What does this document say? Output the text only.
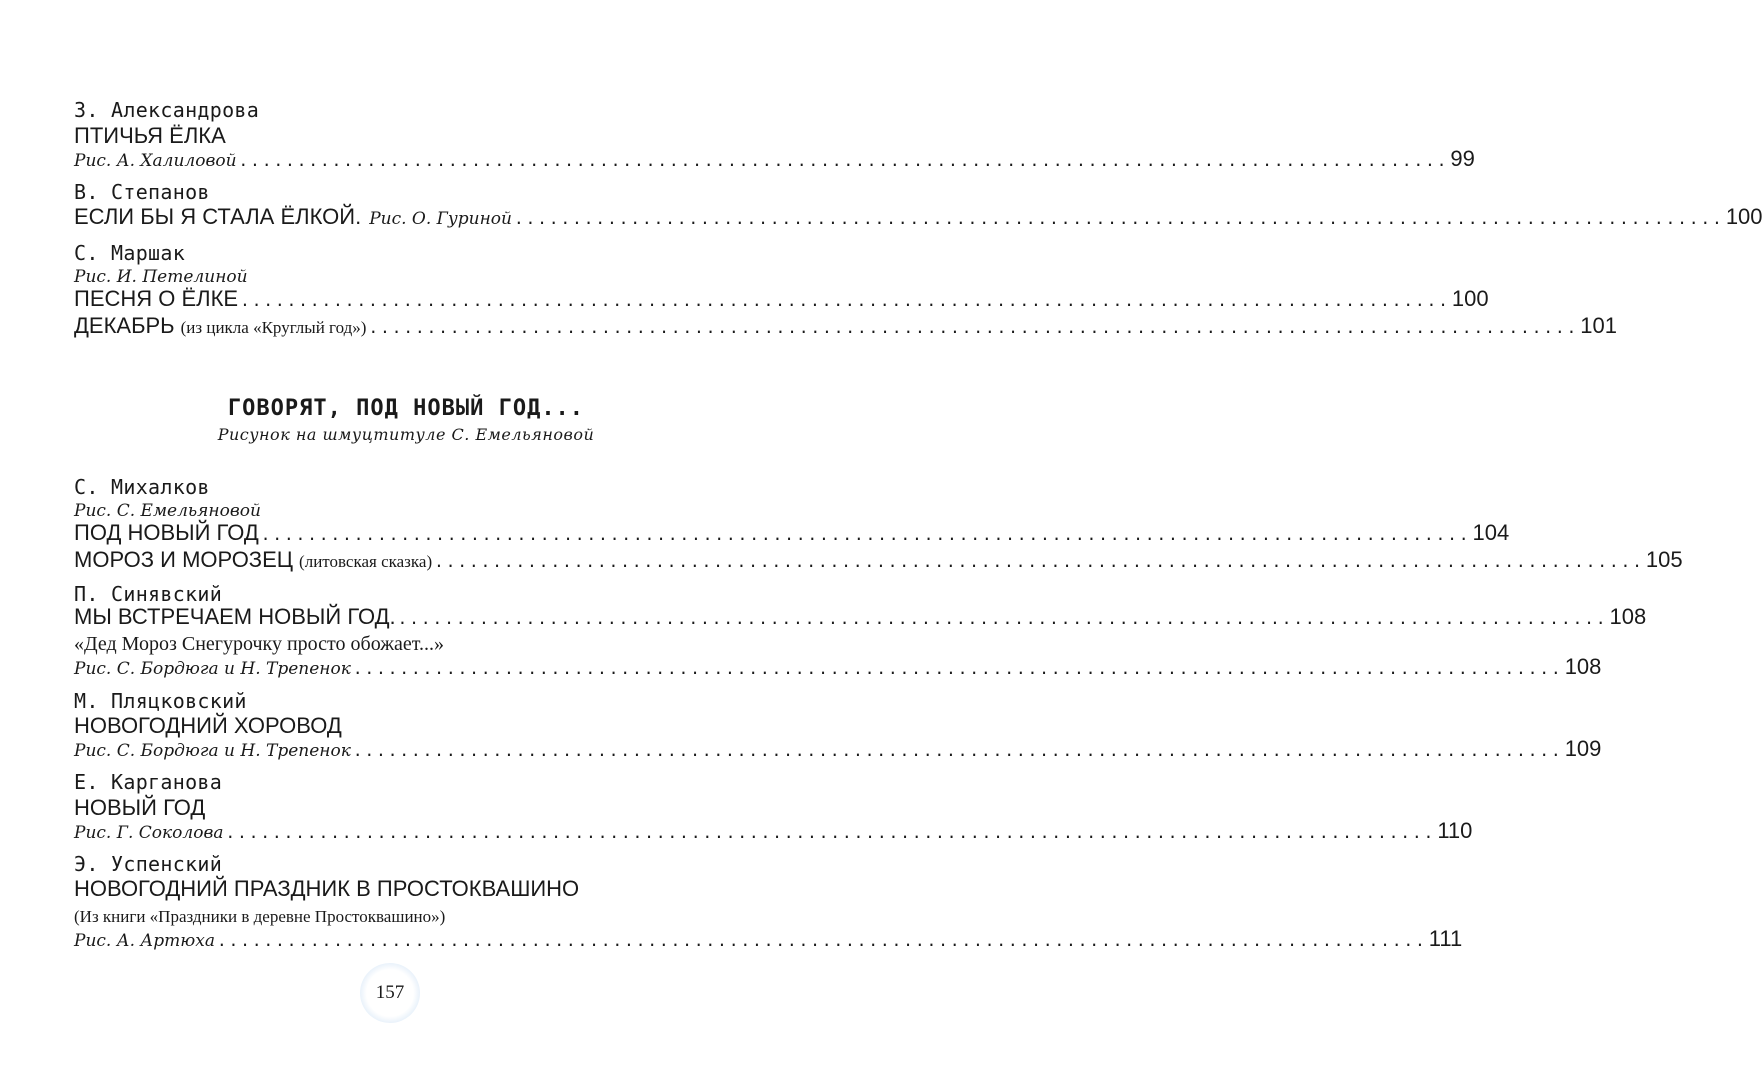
З. Александрова
ПТИЧЬЯ ЁЛКА
Рис. А. Халиловой ........................................................................................................ 99
В. Степанов
ЕСЛИ БЫ Я СТАЛА ЁЛКОЙ. Рис. О. Гуриной ........................................................................................................ 100
С. Маршак
Рис. И. Петелиной
ПЕСНЯ О ЁЛКЕ ........................................................................................................ 100
ДЕКАБРЬ (из цикла «Круглый год») ........................................................................................................ 101
ГОВОРЯТ, ПОД НОВЫЙ ГОД...
Рисунок на шмуцтитуле С. Емельяновой
С. Михалков
Рис. С. Емельяновой
ПОД НОВЫЙ ГОД ........................................................................................................ 104
МОРОЗ И МОРОЗЕЦ (литовская сказка) ........................................................................................................ 105
П. Синявский
МЫ ВСТРЕЧАЕМ НОВЫЙ ГОД. ........................................................................................................ 108
«Дед Мороз Снегурочку просто обожает...»
Рис. С. Бордюга и Н. Трепенок ........................................................................................................ 108
М. Пляцковский
НОВОГОДНИЙ ХОРОВОД
Рис. С. Бордюга и Н. Трепенок ........................................................................................................ 109
Е. Карганова
НОВЫЙ ГОД
Рис. Г. Соколова ........................................................................................................ 110
Э. Успенский
НОВОГОДНИЙ ПРАЗДНИК В ПРОСТОКВАШИНО
(Из книги «Праздники в деревне Простоквашино»)
Рис. А. Артюха ........................................................................................................ 111
157
